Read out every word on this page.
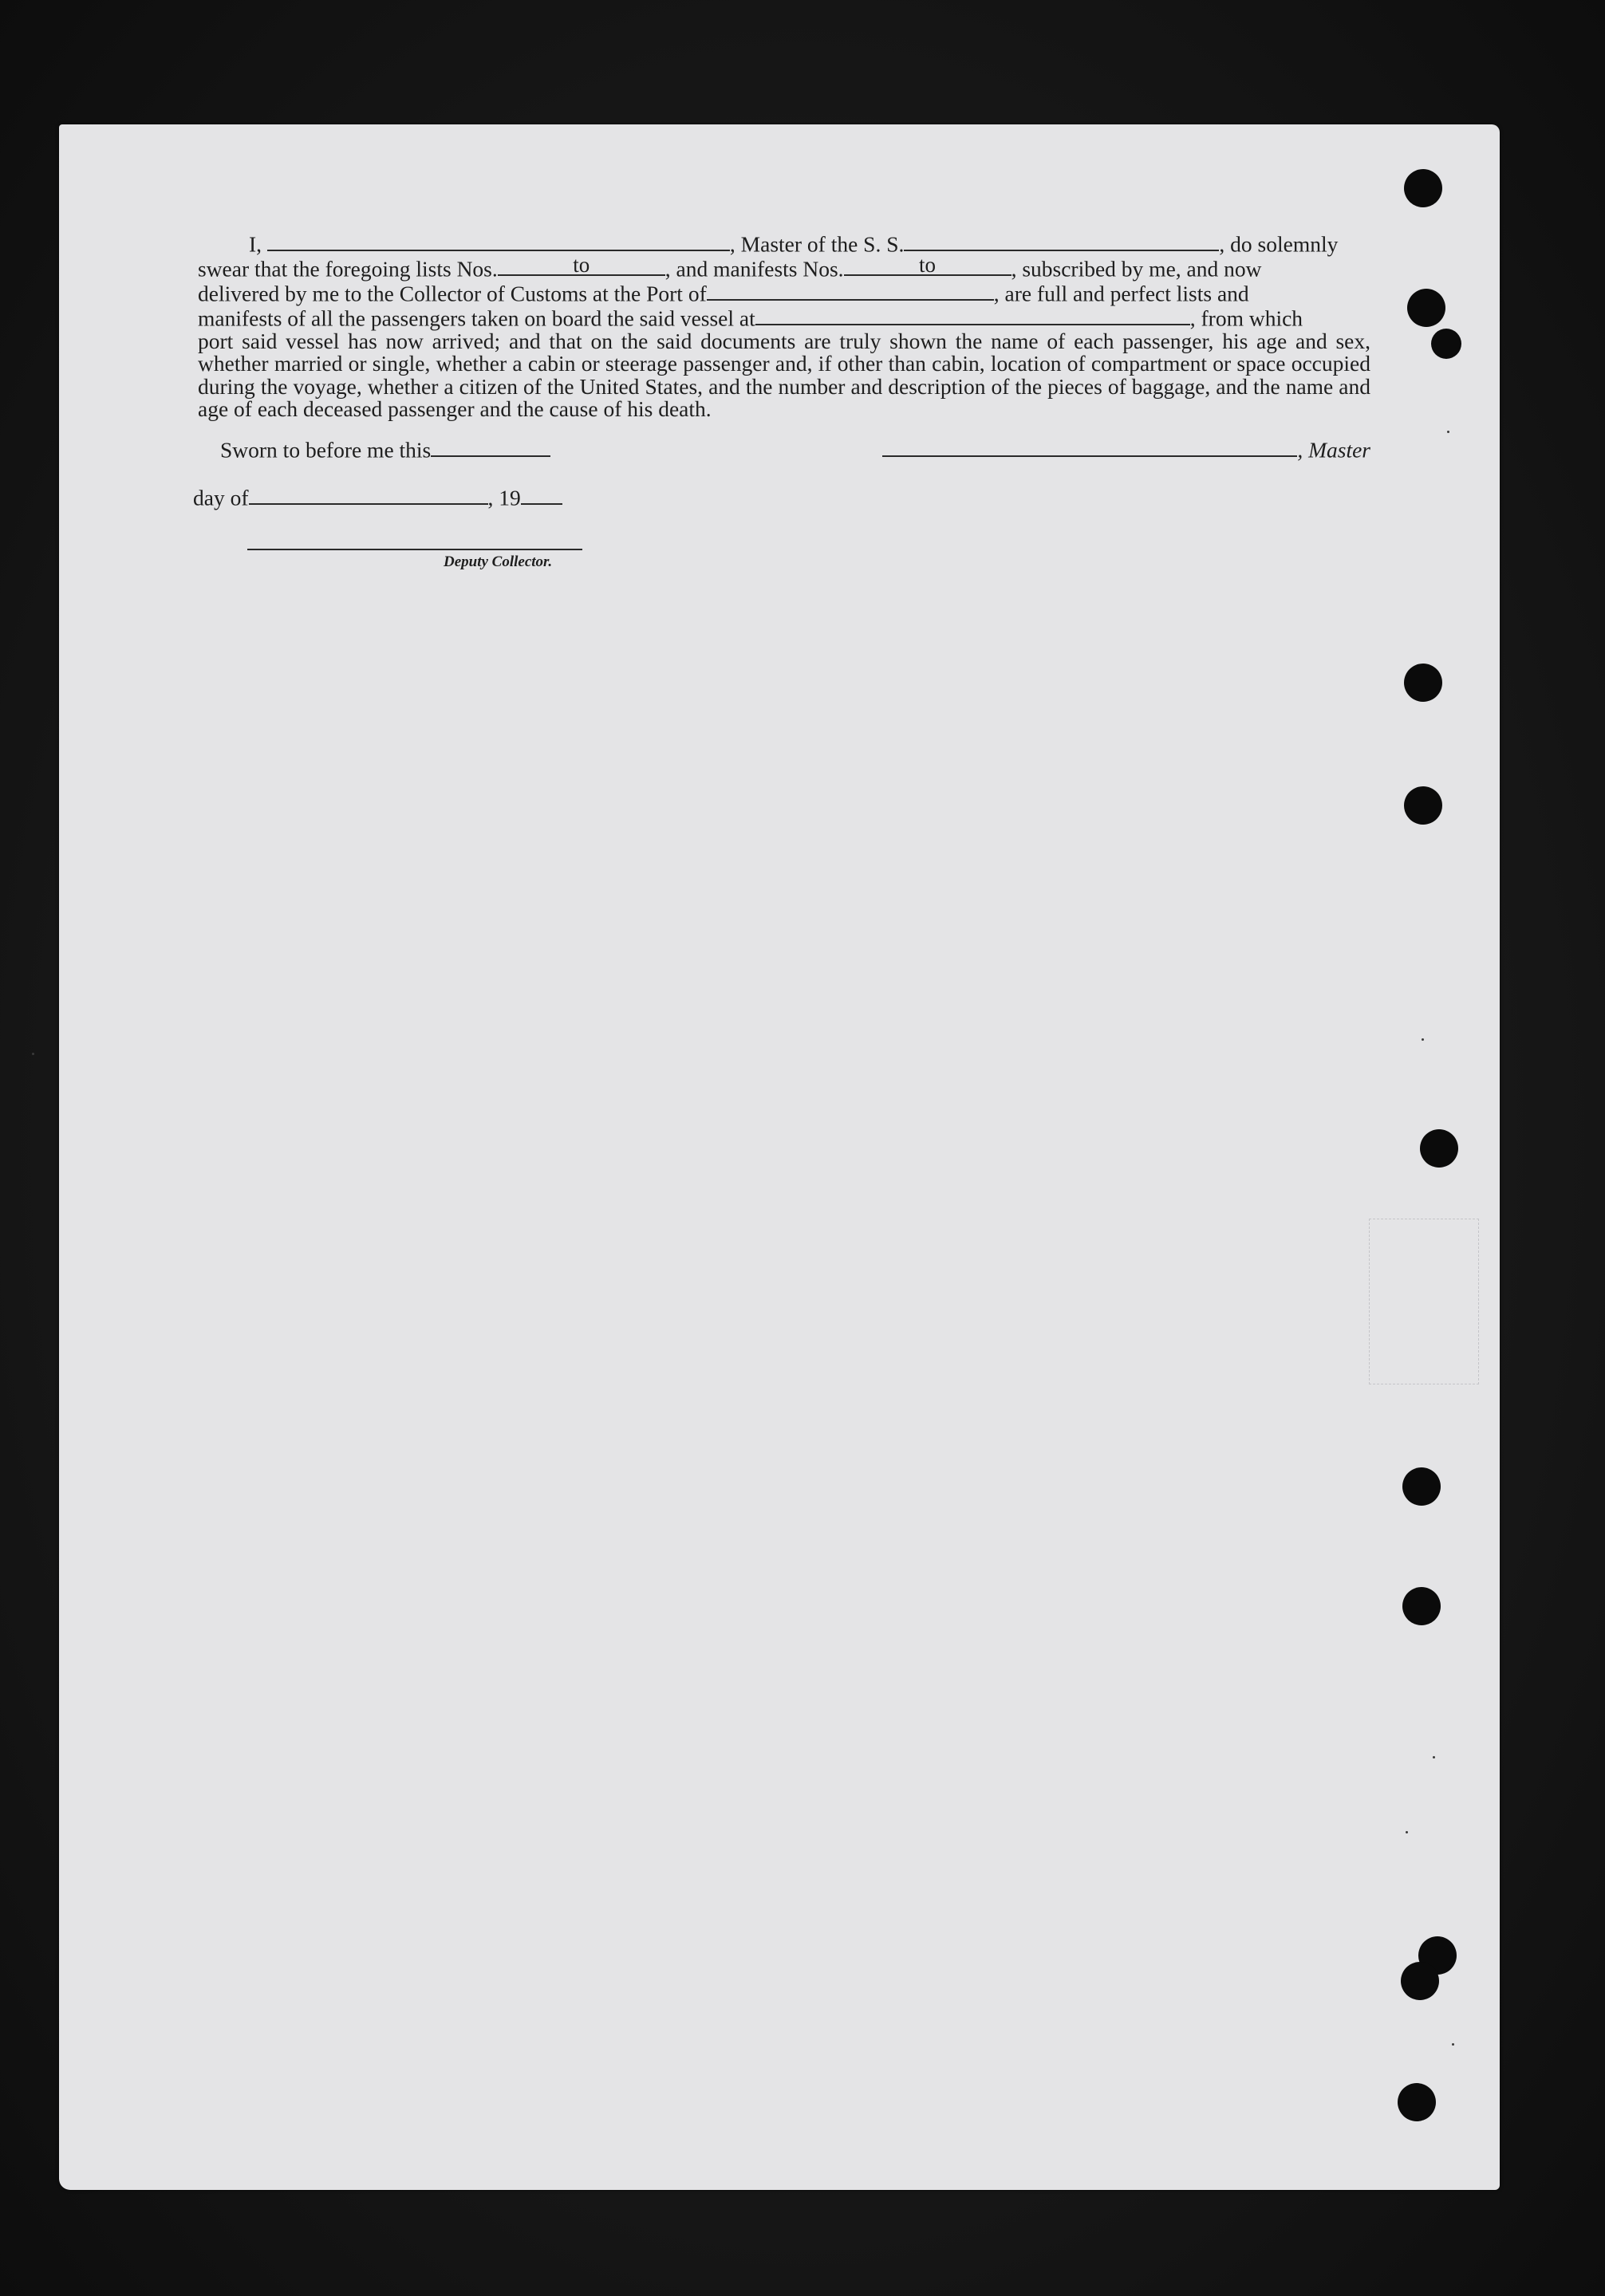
I,	, Master of the S. S.	, do solemnly

swear that the foregoing lists Nos.	to	, and manifests Nos.	to	, subscribed by me, and now

delivered by me to the Collector of Customs at the Port of	, are full and perfect lists and

manifests of all the passengers taken on board the said vessel at	, from which

port said vessel has now arrived; and that on the said documents are truly shown the name of each passenger, his age and sex, whether married or single, whether a cabin or steerage passenger and, if other than cabin, location of compartment or space occupied during the voyage, whether a citizen of the United States, and the number and description of the pieces of baggage, and the name and age of each deceased passenger and the cause of his death.

Sworn to before me this	, Master
day of	, 19
Deputy Collector.
